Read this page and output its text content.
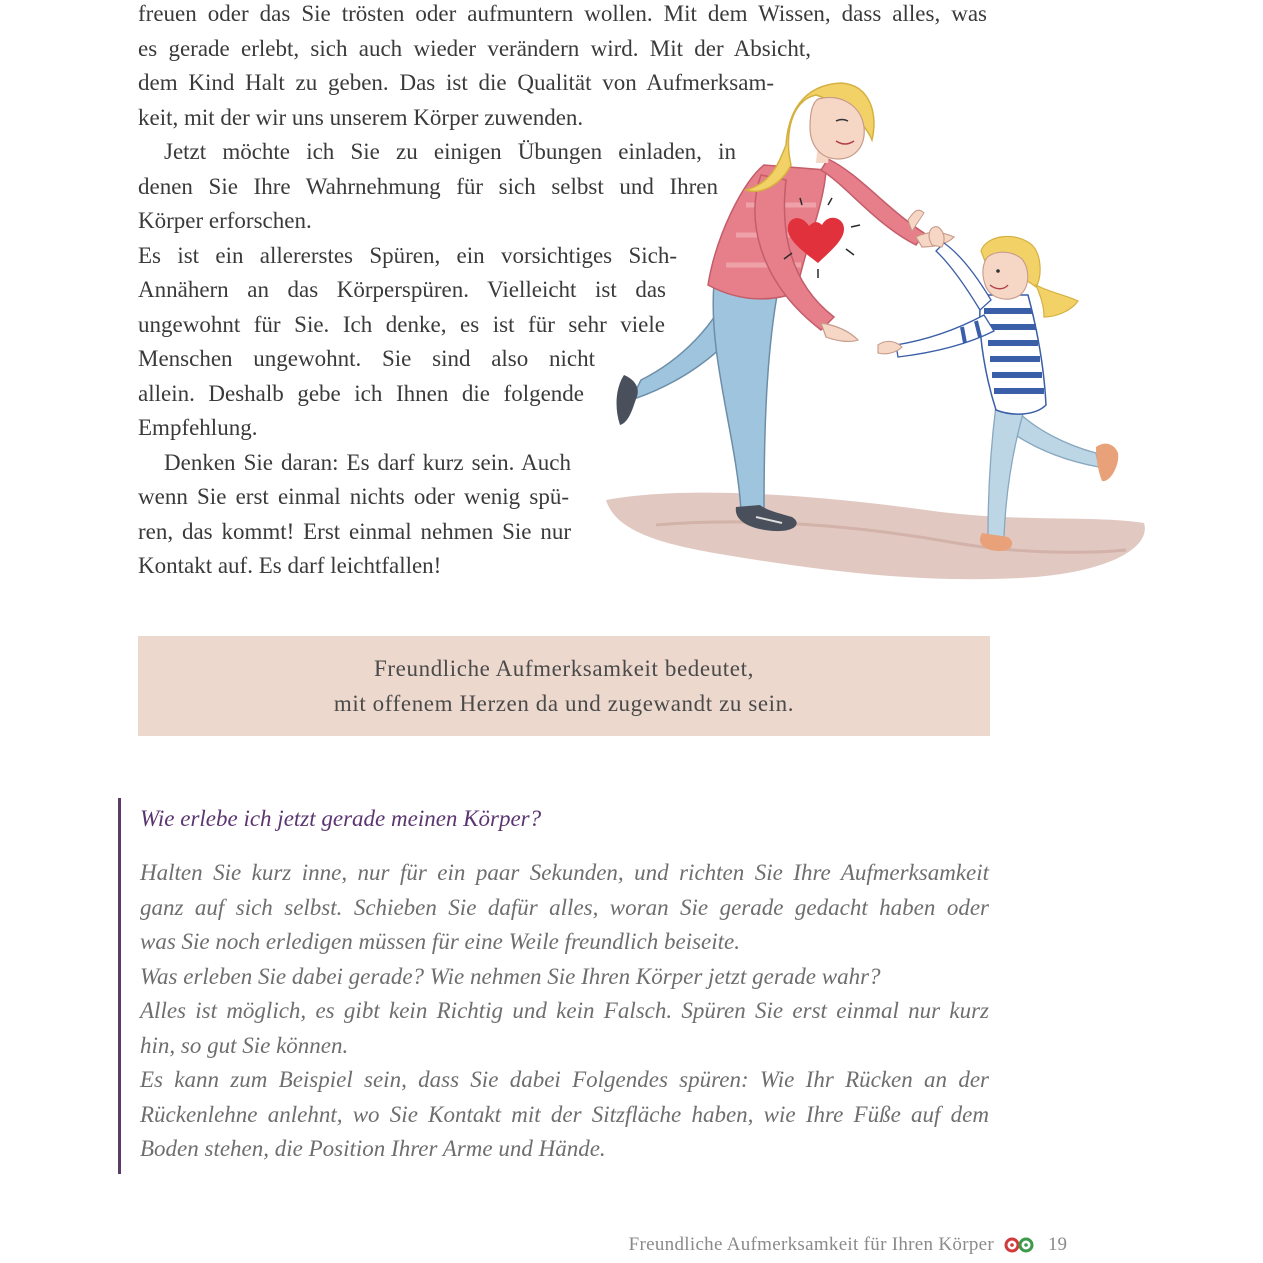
freuen oder das Sie trösten oder aufmuntern wollen. Mit dem Wissen, dass alles, was
es gerade erlebt, sich auch wieder verändern wird. Mit der Absicht,
dem Kind Halt zu geben. Das ist die Qualität von Aufmerksam-
keit, mit der wir uns unserem Körper zuwenden.
Jetzt möchte ich Sie zu einigen Übungen einladen, in
denen Sie Ihre Wahrnehmung für sich selbst und Ihren
Körper erforschen.
Es ist ein allererstes Spüren, ein vorsichtiges Sich-
Annähern an das Körperspüren. Vielleicht ist das
ungewohnt für Sie. Ich denke, es ist für sehr viele
Menschen ungewohnt. Sie sind also nicht
allein. Deshalb gebe ich Ihnen die folgende
Empfehlung.
Denken Sie daran: Es darf kurz sein. Auch
wenn Sie erst einmal nichts oder wenig spü-
ren, das kommt! Erst einmal nehmen Sie nur
Kontakt auf. Es darf leichtfallen!
Freundliche Aufmerksamkeit bedeutet,
mit offenem Herzen da und zugewandt zu sein.
Wie erlebe ich jetzt gerade meinen Körper?
Halten Sie kurz inne, nur für ein paar Sekunden, und richten Sie Ihre Aufmerksamkeit
ganz auf sich selbst. Schieben Sie dafür alles, woran Sie gerade gedacht haben oder
was Sie noch erledigen müssen für eine Weile freundlich beiseite.
Was erleben Sie dabei gerade? Wie nehmen Sie Ihren Körper jetzt gerade wahr?
Alles ist möglich, es gibt kein Richtig und kein Falsch. Spüren Sie erst einmal nur kurz
hin, so gut Sie können.
Es kann zum Beispiel sein, dass Sie dabei Folgendes spüren: Wie Ihr Rücken an der
Rückenlehne anlehnt, wo Sie Kontakt mit der Sitzfläche haben, wie Ihre Füße auf dem
Boden stehen, die Position Ihrer Arme und Hände.
Freundliche Aufmerksamkeit für Ihren Körper	19
